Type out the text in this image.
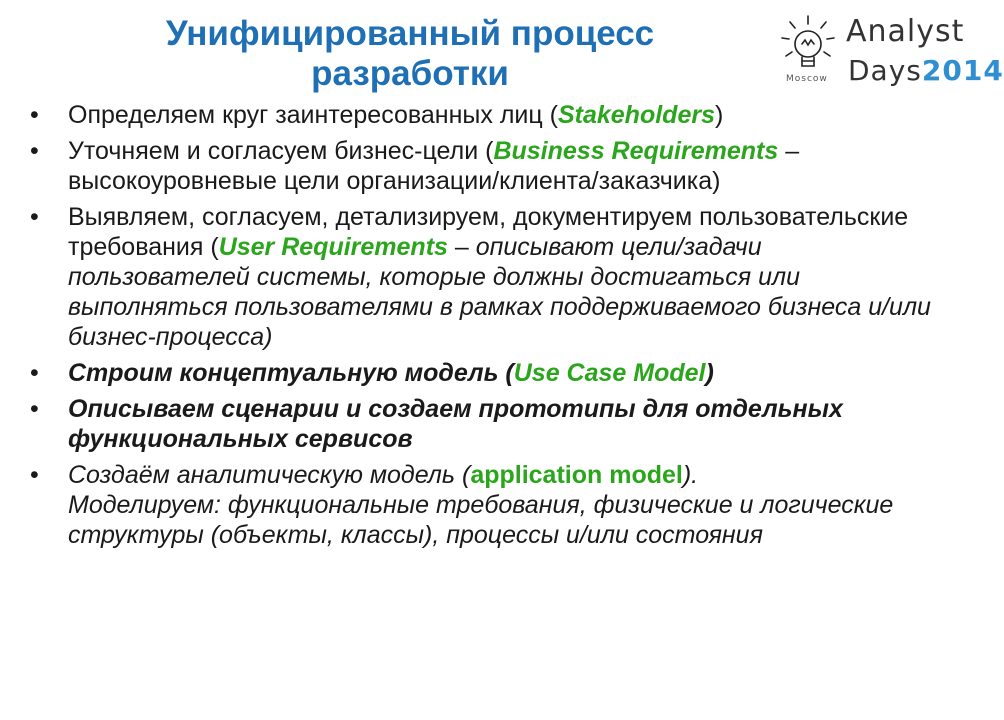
Унифицированный процесс
разработки	Moscow
Analyst
Days2014
• Определяем круг заинтересованных лиц (Stakeholders)
• Уточняем и согласуем бизнес-цели (Business Requirements – высокоуровневые цели организации/клиента/заказчика)
• Выявляем, согласуем, детализируем, документируем пользовательские требования (User Requirements – описывают цели/задачи пользователей системы, которые должны достигаться или выполняться пользователями в рамках поддерживаемого бизнеса и/или бизнес-процесса)
• Строим концептуальную модель (Use Case Model)
• Описываем сценарии и создаем прототипы для отдельных функциональных сервисов
• Создаём аналитическую модель (application model).
Моделируем: функциональные требования, физические и логические структуры (объекты, классы), процессы и/или состояния
